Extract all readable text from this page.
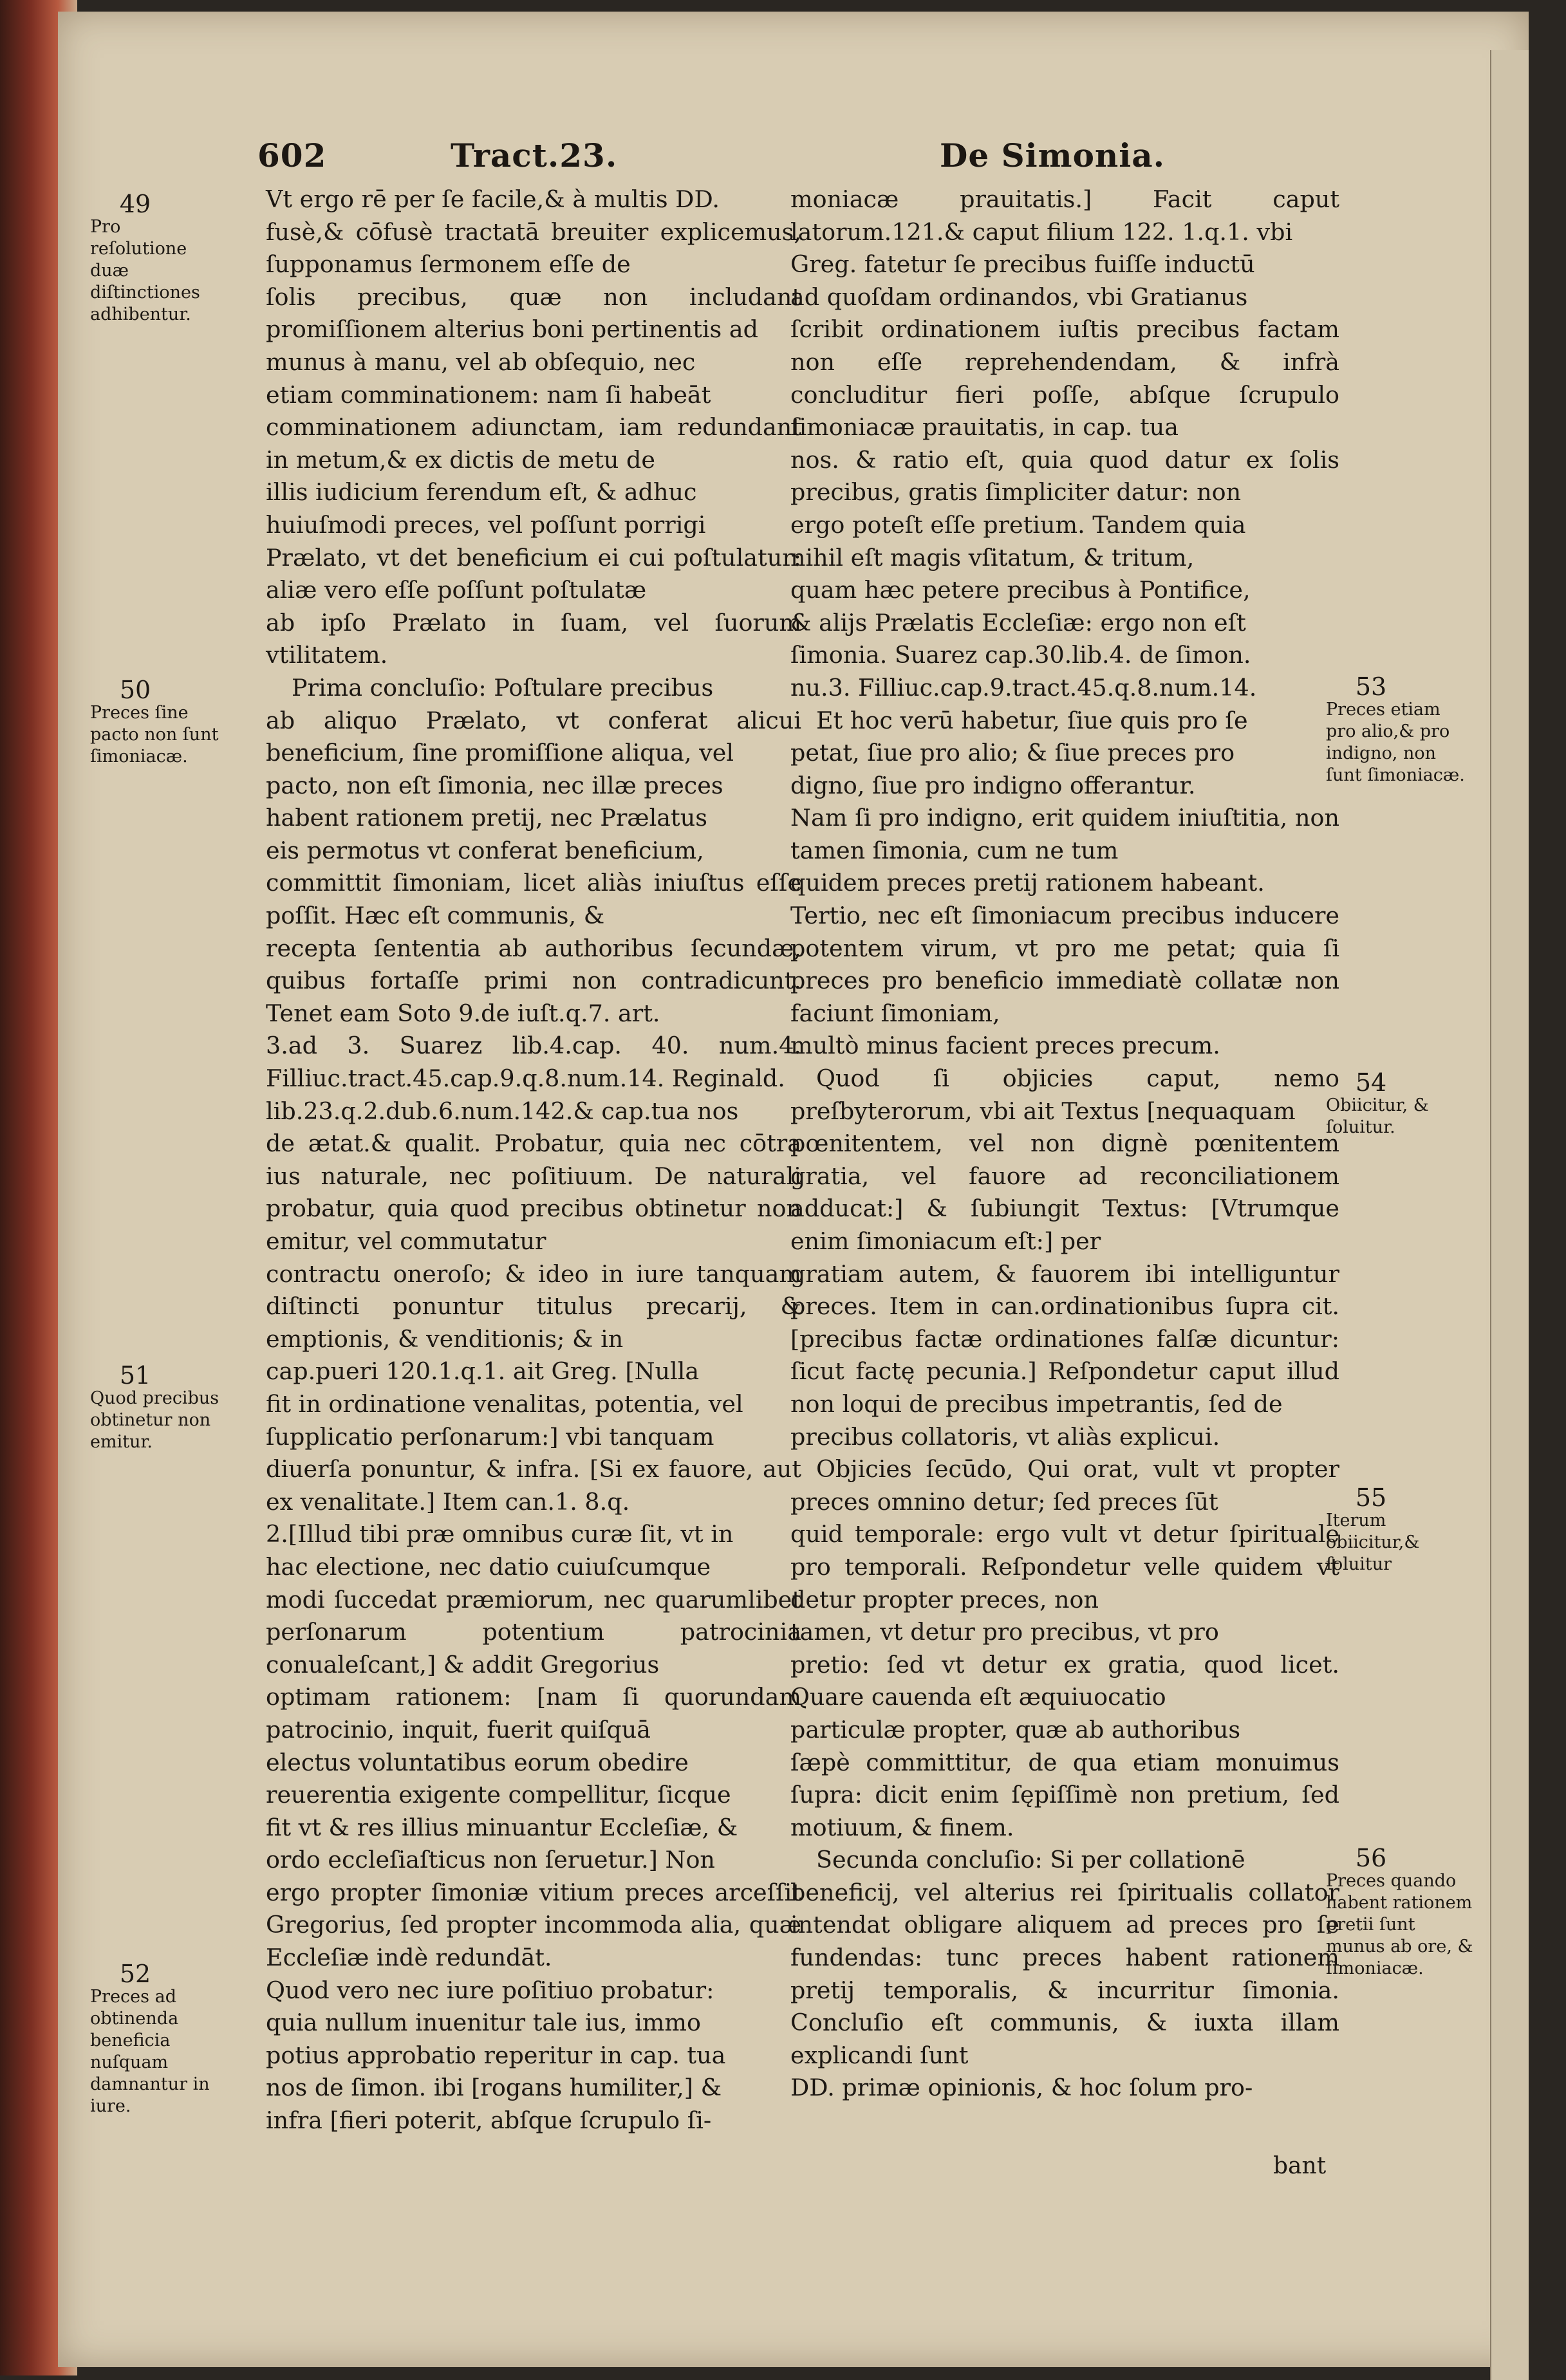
602	Tract.23.	De Simonia.

Vt ergo rē per ſe facile,& à multis DD.
fusè,& cōfusè tractatā breuiter explicemus, ſupponamus ſermonem eſſe de
ſolis precibus, quæ non includant promiſſionem alterius boni pertinentis ad
munus à manu, vel ab obſequio, nec
etiam comminationem: nam ſi habeāt
comminationem adiunctam, iam redundant in metum,& ex dictis de metu de
illis iudicium ferendum eſt, & adhuc
huiuſmodi preces, vel poſſunt porrigi
Prælato, vt det beneficium ei cui poſtulatur: aliæ vero eſſe poſſunt poſtulatæ
ab ipſo Prælato in ſuam, vel ſuorum vtilitatem.

Prima concluſio: Poſtulare precibus
ab aliquo Prælato, vt conferat alicui beneficium, ſine promiſſione aliqua, vel
pacto, non eſt ſimonia, nec illæ preces
habent rationem pretij, nec Prælatus
eis permotus vt conferat beneficium,
committit ſimoniam, licet aliàs iniuſtus eſſe poſſit. Hæc eſt communis, &
recepta ſententia ab authoribus ſecundæ, quibus fortaſſe primi non contradicunt. Tenet eam Soto 9.de iuſt.q.7. art.
3.ad 3. Suarez lib.4.cap. 40. num.4. Filliuc.tract.45.cap.9.q.8.num.14. Reginald.
lib.23.q.2.dub.6.num.142.& cap.tua nos
de ætat.& qualit. Probatur, quia nec cōtra ius naturale, nec poſitiuum. De naturali probatur, quia quod precibus obtinetur non emitur, vel commutatur
contractu oneroſo; & ideo in iure tanquam diſtincti ponuntur titulus precarij, & emptionis, & venditionis; & in
cap.pueri 120.1.q.1. ait Greg. [Nulla
fit in ordinatione venalitas, potentia, vel
ſupplicatio perſonarum:] vbi tanquam
diuerſa ponuntur, & infra. [Si ex fauore, aut ex venalitate.] Item can.1. 8.q.
2.[Illud tibi præ omnibus curæ ſit, vt in
hac electione, nec datio cuiuſcumque
modi ſuccedat præmiorum, nec quarumlibet perſonarum potentium patrocinia conualeſcant,] & addit Gregorius
optimam rationem: [nam ſi quorundam patrocinio, inquit, fuerit quiſquā
electus voluntatibus eorum obedire
reuerentia exigente compellitur, ſicque
fit vt & res illius minuantur Eccleſiæ, &
ordo eccleſiaſticus non ſeruetur.] Non
ergo propter ſimoniæ vitium preces arceſſit Gregorius, ſed propter incommoda alia, quæ Eccleſiæ indè redundāt.
Quod vero nec iure poſitiuo probatur:
quia nullum inuenitur tale ius, immo
potius approbatio reperitur in cap. tua
nos de ſimon. ibi [rogans humiliter,] &
infra [fieri poterit, abſque ſcrupulo ſi-

moniacæ prauitatis.] Facit caput latorum.121.& caput filium 122. 1.q.1. vbi
Greg. fatetur ſe precibus fuiſſe inductū
ad quoſdam ordinandos, vbi Gratianus
ſcribit ordinationem iuſtis precibus factam non eſſe reprehendendam, & infrà concluditur fieri poſſe, abſque ſcrupulo ſimoniacæ prauitatis, in cap. tua
nos. & ratio eſt, quia quod datur ex ſolis precibus, gratis ſimpliciter datur: non
ergo poteſt eſſe pretium. Tandem quia
nihil eſt magis vſitatum, & tritum,
quam hæc petere precibus à Pontifice,
& alijs Prælatis Eccleſiæ: ergo non eſt
ſimonia. Suarez cap.30.lib.4. de ſimon.
nu.3. Filliuc.cap.9.tract.45.q.8.num.14.

Et hoc verū habetur, ſiue quis pro ſe
petat, ſiue pro alio; & ſiue preces pro
digno, ſiue pro indigno offerantur.
Nam ſi pro indigno, erit quidem iniuſtitia, non tamen ſimonia, cum ne tum
quidem preces pretij rationem habeant.
Tertio, nec eſt ſimoniacum precibus inducere potentem virum, vt pro me petat; quia ſi preces pro beneficio immediatè collatæ non faciunt ſimoniam,
multò minus facient preces precum.

Quod ſi objicies caput, nemo preſbyterorum, vbi ait Textus [nequaquam
pœnitentem, vel non dignè pœnitentem gratia, vel fauore ad reconciliationem adducat:] & ſubiungit Textus: [Vtrumque enim ſimoniacum eſt:] per
gratiam autem, & fauorem ibi intelliguntur preces. Item in can.ordinationibus ſupra cit. [precibus factæ ordinationes falſæ dicuntur: ſicut factę pecunia.] Reſpondetur caput illud non loqui de precibus impetrantis, ſed de
precibus collatoris, vt aliàs explicui.

Objicies ſecūdo, Qui orat, vult vt propter preces omnino detur; ſed preces ſūt
quid temporale: ergo vult vt detur ſpirituale pro temporali. Reſpondetur velle quidem vt detur propter preces, non
tamen, vt detur pro precibus, vt pro
pretio: ſed vt detur ex gratia, quod licet. Quare cauenda eſt æquiuocatio
particulæ propter, quæ ab authoribus
ſæpè committitur, de qua etiam monuimus ſupra: dicit enim ſępiſſimè non pretium, ſed motiuum, & finem.

Secunda concluſio: Si per collationē
beneficij, vel alterius rei ſpiritualis collator intendat obligare aliquem ad preces pro ſe fundendas: tunc preces habent rationem pretij temporalis, & incurritur ſimonia. Concluſio eſt communis, & iuxta illam explicandi ſunt
DD. primæ opinionis, & hoc ſolum pro-

bant
49
Pro reſolutione duæ diſtinctiones adhibentur.
50
Preces ſine pacto non ſunt ſimoniacæ.
51
Quod precibus obtinetur non emitur.
52
Preces ad obtinenda beneficia nuſquam damnantur in iure.
53
Preces etiam pro alio,& pro indigno, non ſunt ſimoniacæ.
54
Obiicitur, & ſoluitur.
55
Iterum obiicitur,& ſoluitur
56
Preces quando habent rationem pretii ſunt munus ab ore, & ſimoniacæ.
